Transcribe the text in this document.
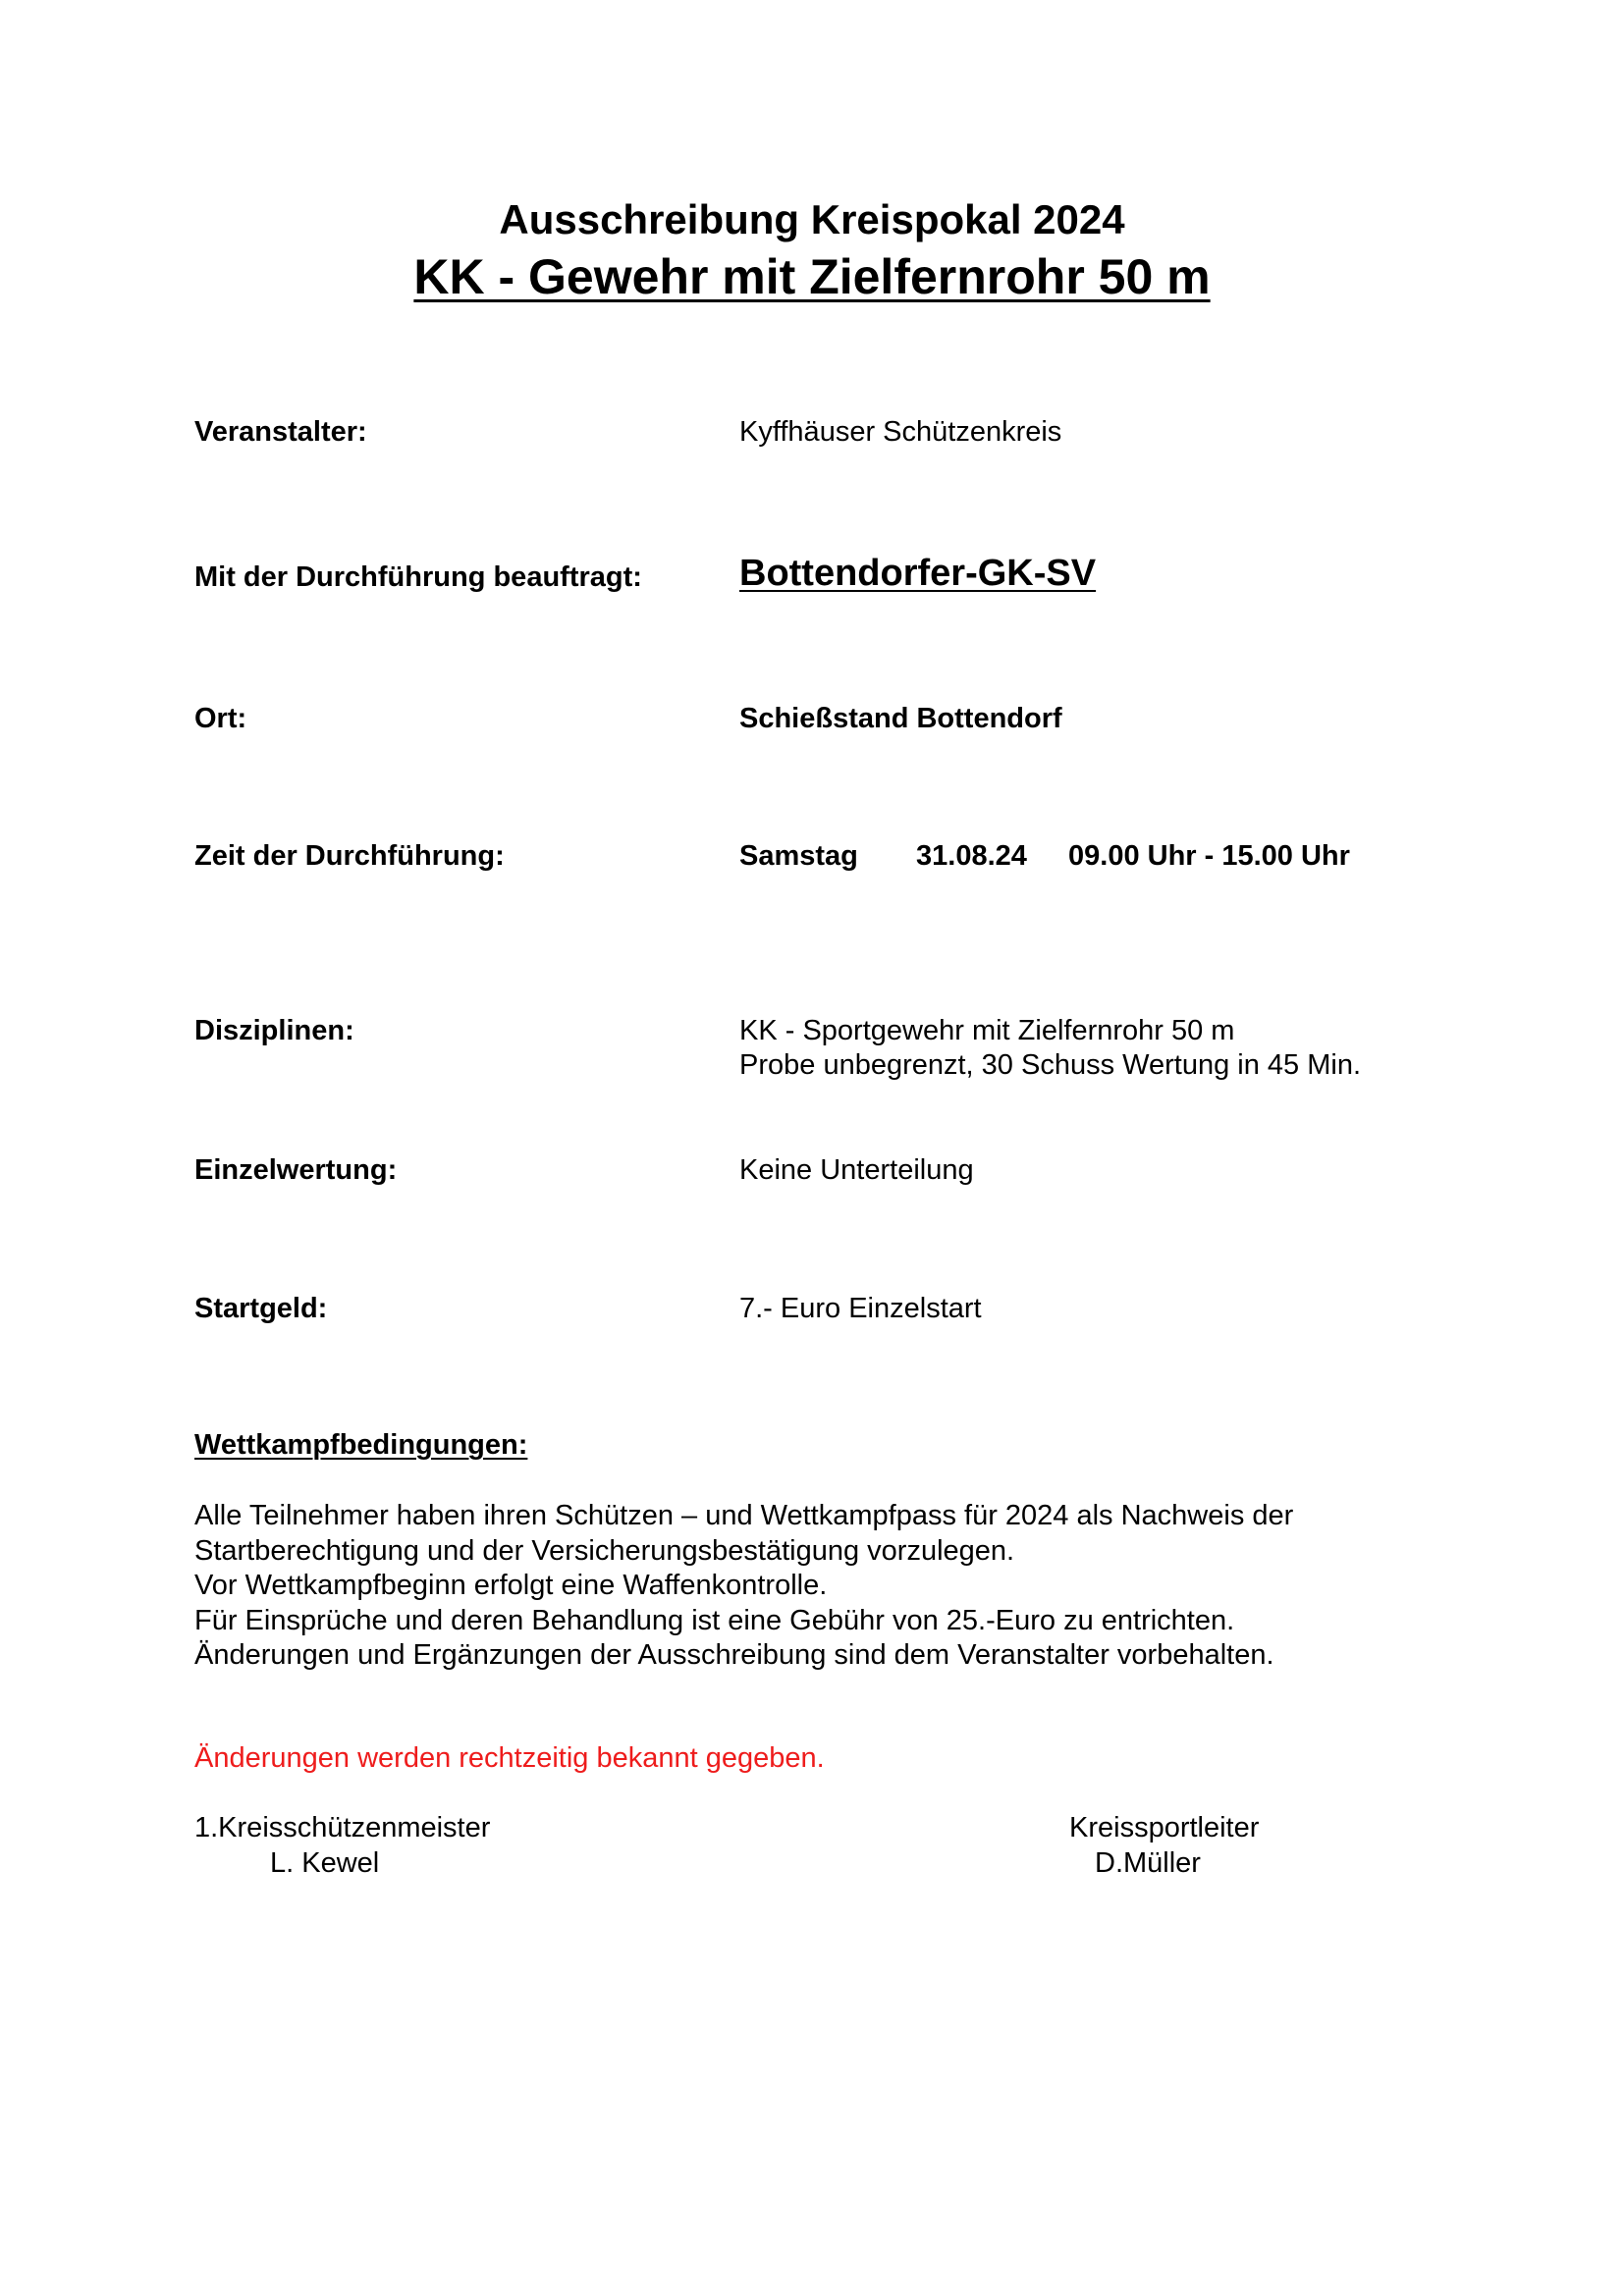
Ausschreibung Kreispokal 2024
KK - Gewehr mit Zielfernrohr 50 m
Veranstalter:	Kyffhäuser Schützenkreis
Mit der Durchführung beauftragt:	Bottendorfer-GK-SV
Ort:	Schießstand Bottendorf
Zeit der Durchführung:	Samstag 31.08.24 09.00 Uhr - 15.00 Uhr
Disziplinen:	KK - Sportgewehr mit Zielfernrohr 50 m
Probe unbegrenzt, 30 Schuss Wertung in 45 Min.
Einzelwertung:	Keine Unterteilung
Startgeld:	7.- Euro Einzelstart
Wettkampfbedingungen:
Alle Teilnehmer haben ihren Schützen – und Wettkampfpass für 2024 als Nachweis der
Startberechtigung und der Versicherungsbestätigung vorzulegen.
Vor Wettkampfbeginn erfolgt eine Waffenkontrolle.
Für Einsprüche und deren Behandlung ist eine Gebühr von 25.-Euro zu entrichten.
Änderungen und Ergänzungen der Ausschreibung sind dem Veranstalter vorbehalten.
Änderungen werden rechtzeitig bekannt gegeben.
1.Kreisschützenmeister
L. Kewel
Kreissportleiter
D.Müller
